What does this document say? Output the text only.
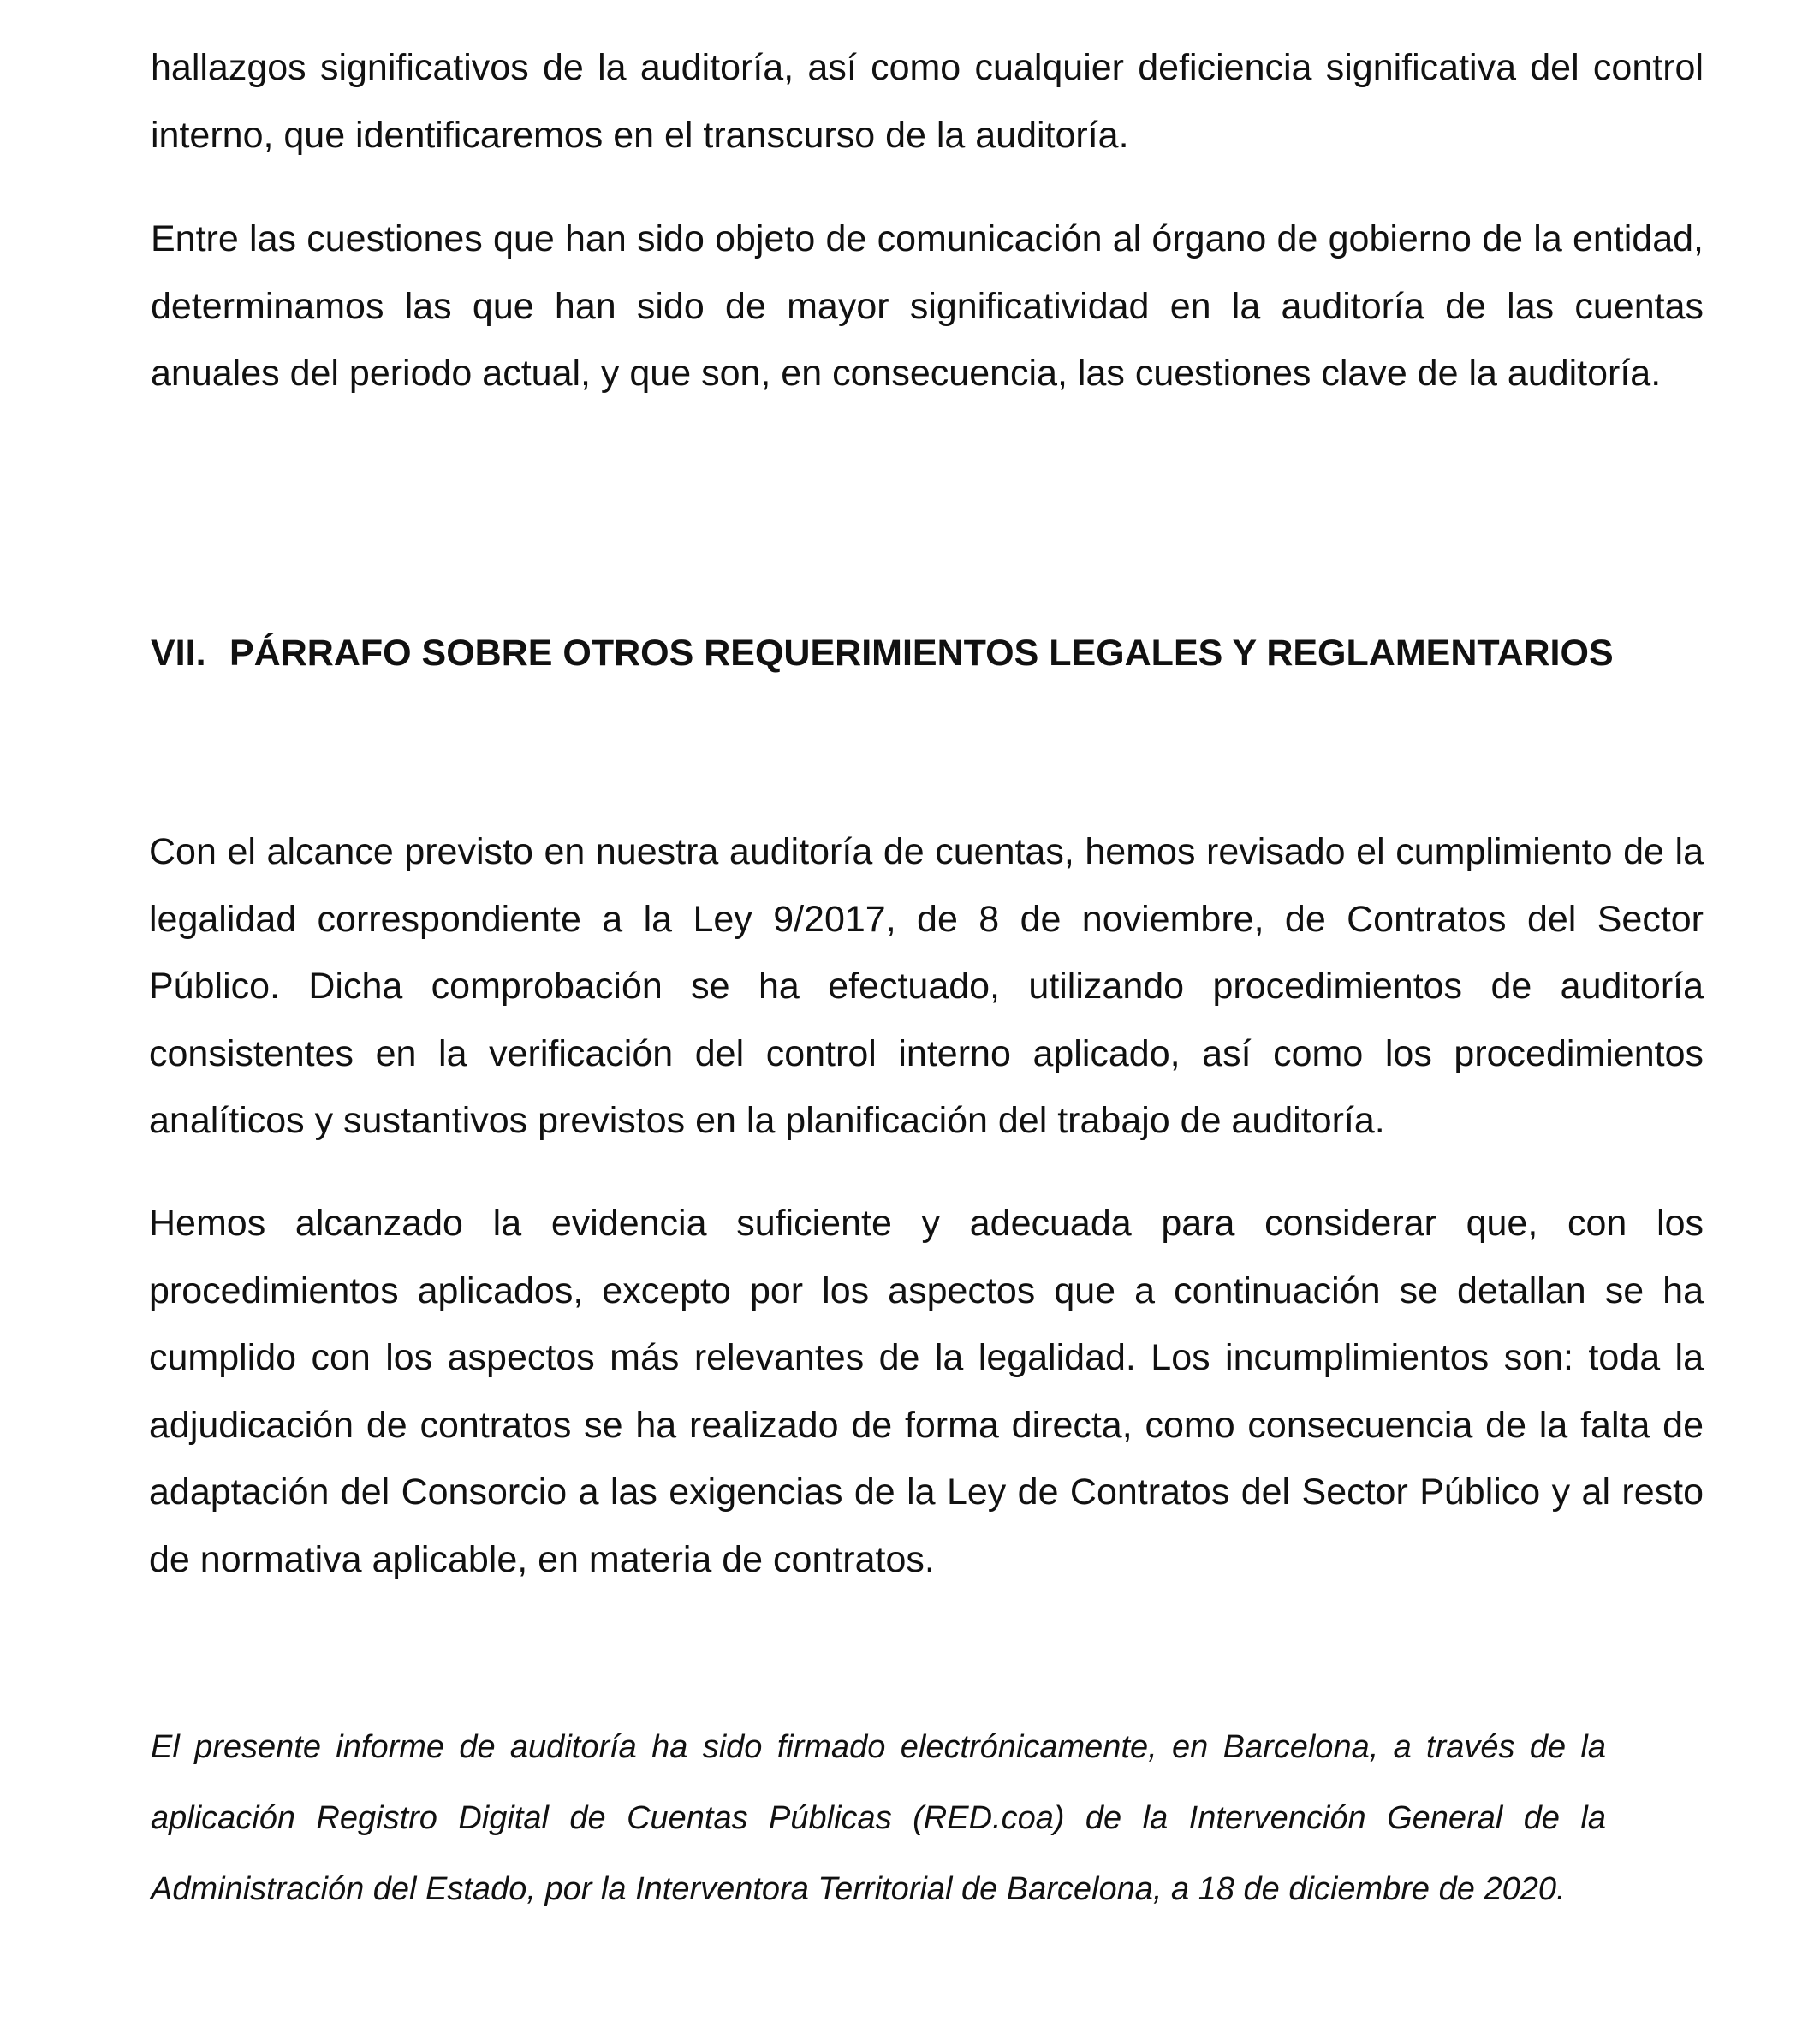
hallazgos significativos de la auditoría, así como cualquier deficiencia significativa del control interno, que identificaremos en el transcurso de la auditoría.

Entre las cuestiones que han sido objeto de comunicación al órgano de gobierno de la entidad, determinamos las que han sido de mayor significatividad en la auditoría de las cuentas anuales del periodo actual, y que son, en consecuencia, las cuestiones clave de la auditoría.

VII. PÁRRAFO SOBRE OTROS REQUERIMIENTOS LEGALES Y REGLAMENTARIOS

Con el alcance previsto en nuestra auditoría de cuentas, hemos revisado el cumplimiento de la legalidad correspondiente a la Ley 9/2017, de 8 de noviembre, de Contratos del Sector Público. Dicha comprobación se ha efectuado, utilizando procedimientos de auditoría consistentes en la verificación del control interno aplicado, así como los procedimientos analíticos y sustantivos previstos en la planificación del trabajo de auditoría.

Hemos alcanzado la evidencia suficiente y adecuada para considerar que, con los procedimientos aplicados, excepto por los aspectos que a continuación se detallan se ha cumplido con los aspectos más relevantes de la legalidad. Los incumplimientos son: toda la adjudicación de contratos se ha realizado de forma directa, como consecuencia de la falta de adaptación del Consorcio a las exigencias de la Ley de Contratos del Sector Público y al resto de normativa aplicable, en materia de contratos.

El presente informe de auditoría ha sido firmado electrónicamente, en Barcelona, a través de la aplicación Registro Digital de Cuentas Públicas (RED.coa) de la Intervención General de la Administración del Estado, por la Interventora Territorial de Barcelona, a 18 de diciembre de 2020.
